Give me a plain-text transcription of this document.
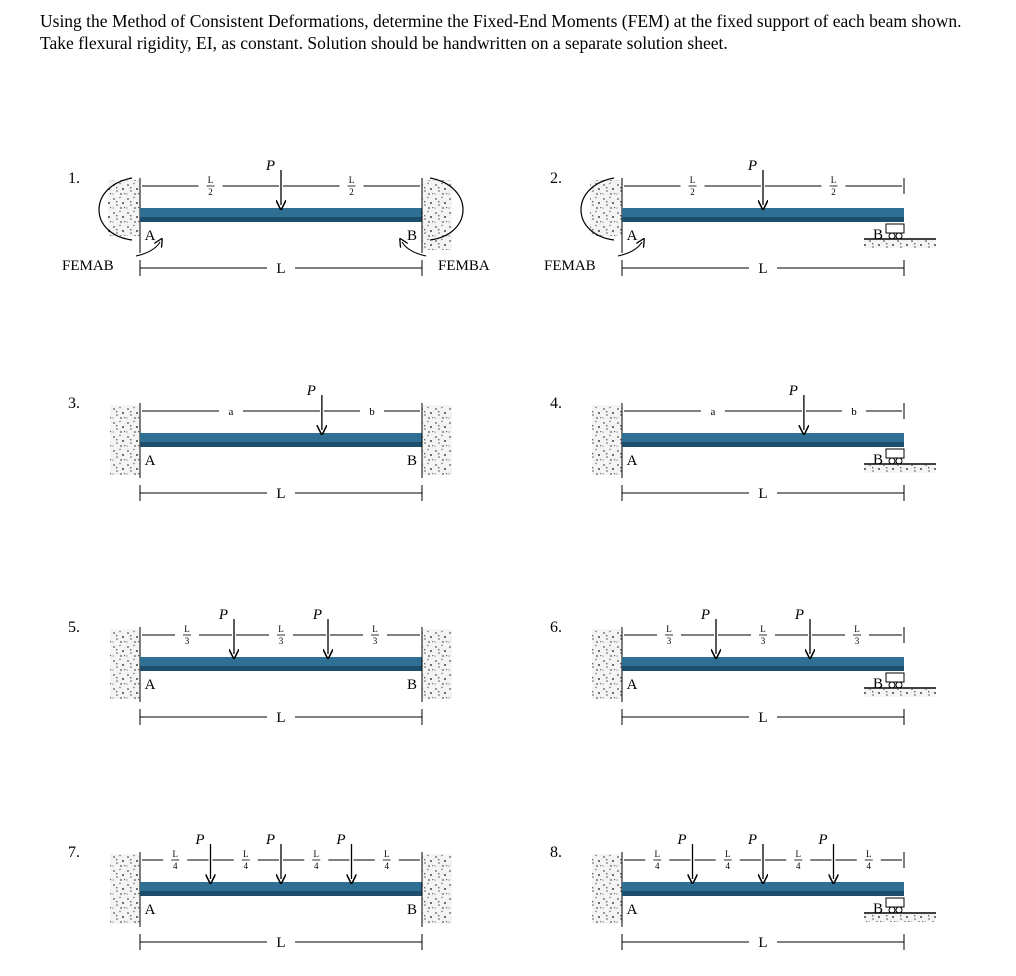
Using the Method of Consistent Deformations, determine the Fixed-End Moments (FEM) at the fixed support of each beam shown. Take flexural rigidity, EI, as constant. Solution should be handwritten on a separate solution sheet.

1.
A	B
L
2
L
2
P
L
FEMAB	FEMBA
2.
A	B
L
2
L
2
P
L
FEMAB
3.
A	B
a	b
P
L
4.
A	B
a	b
P
L
5.
A	B
L
3
L
3
L
3
P	P
L
6.
A	B
L
3
L
3
L
3
P	P
L
7.
A	B
L
4
L
4
L
4
L
4
P	P	P
L
8.
A	B
L
4
L
4
L
4
L
4
P	P	P
L
